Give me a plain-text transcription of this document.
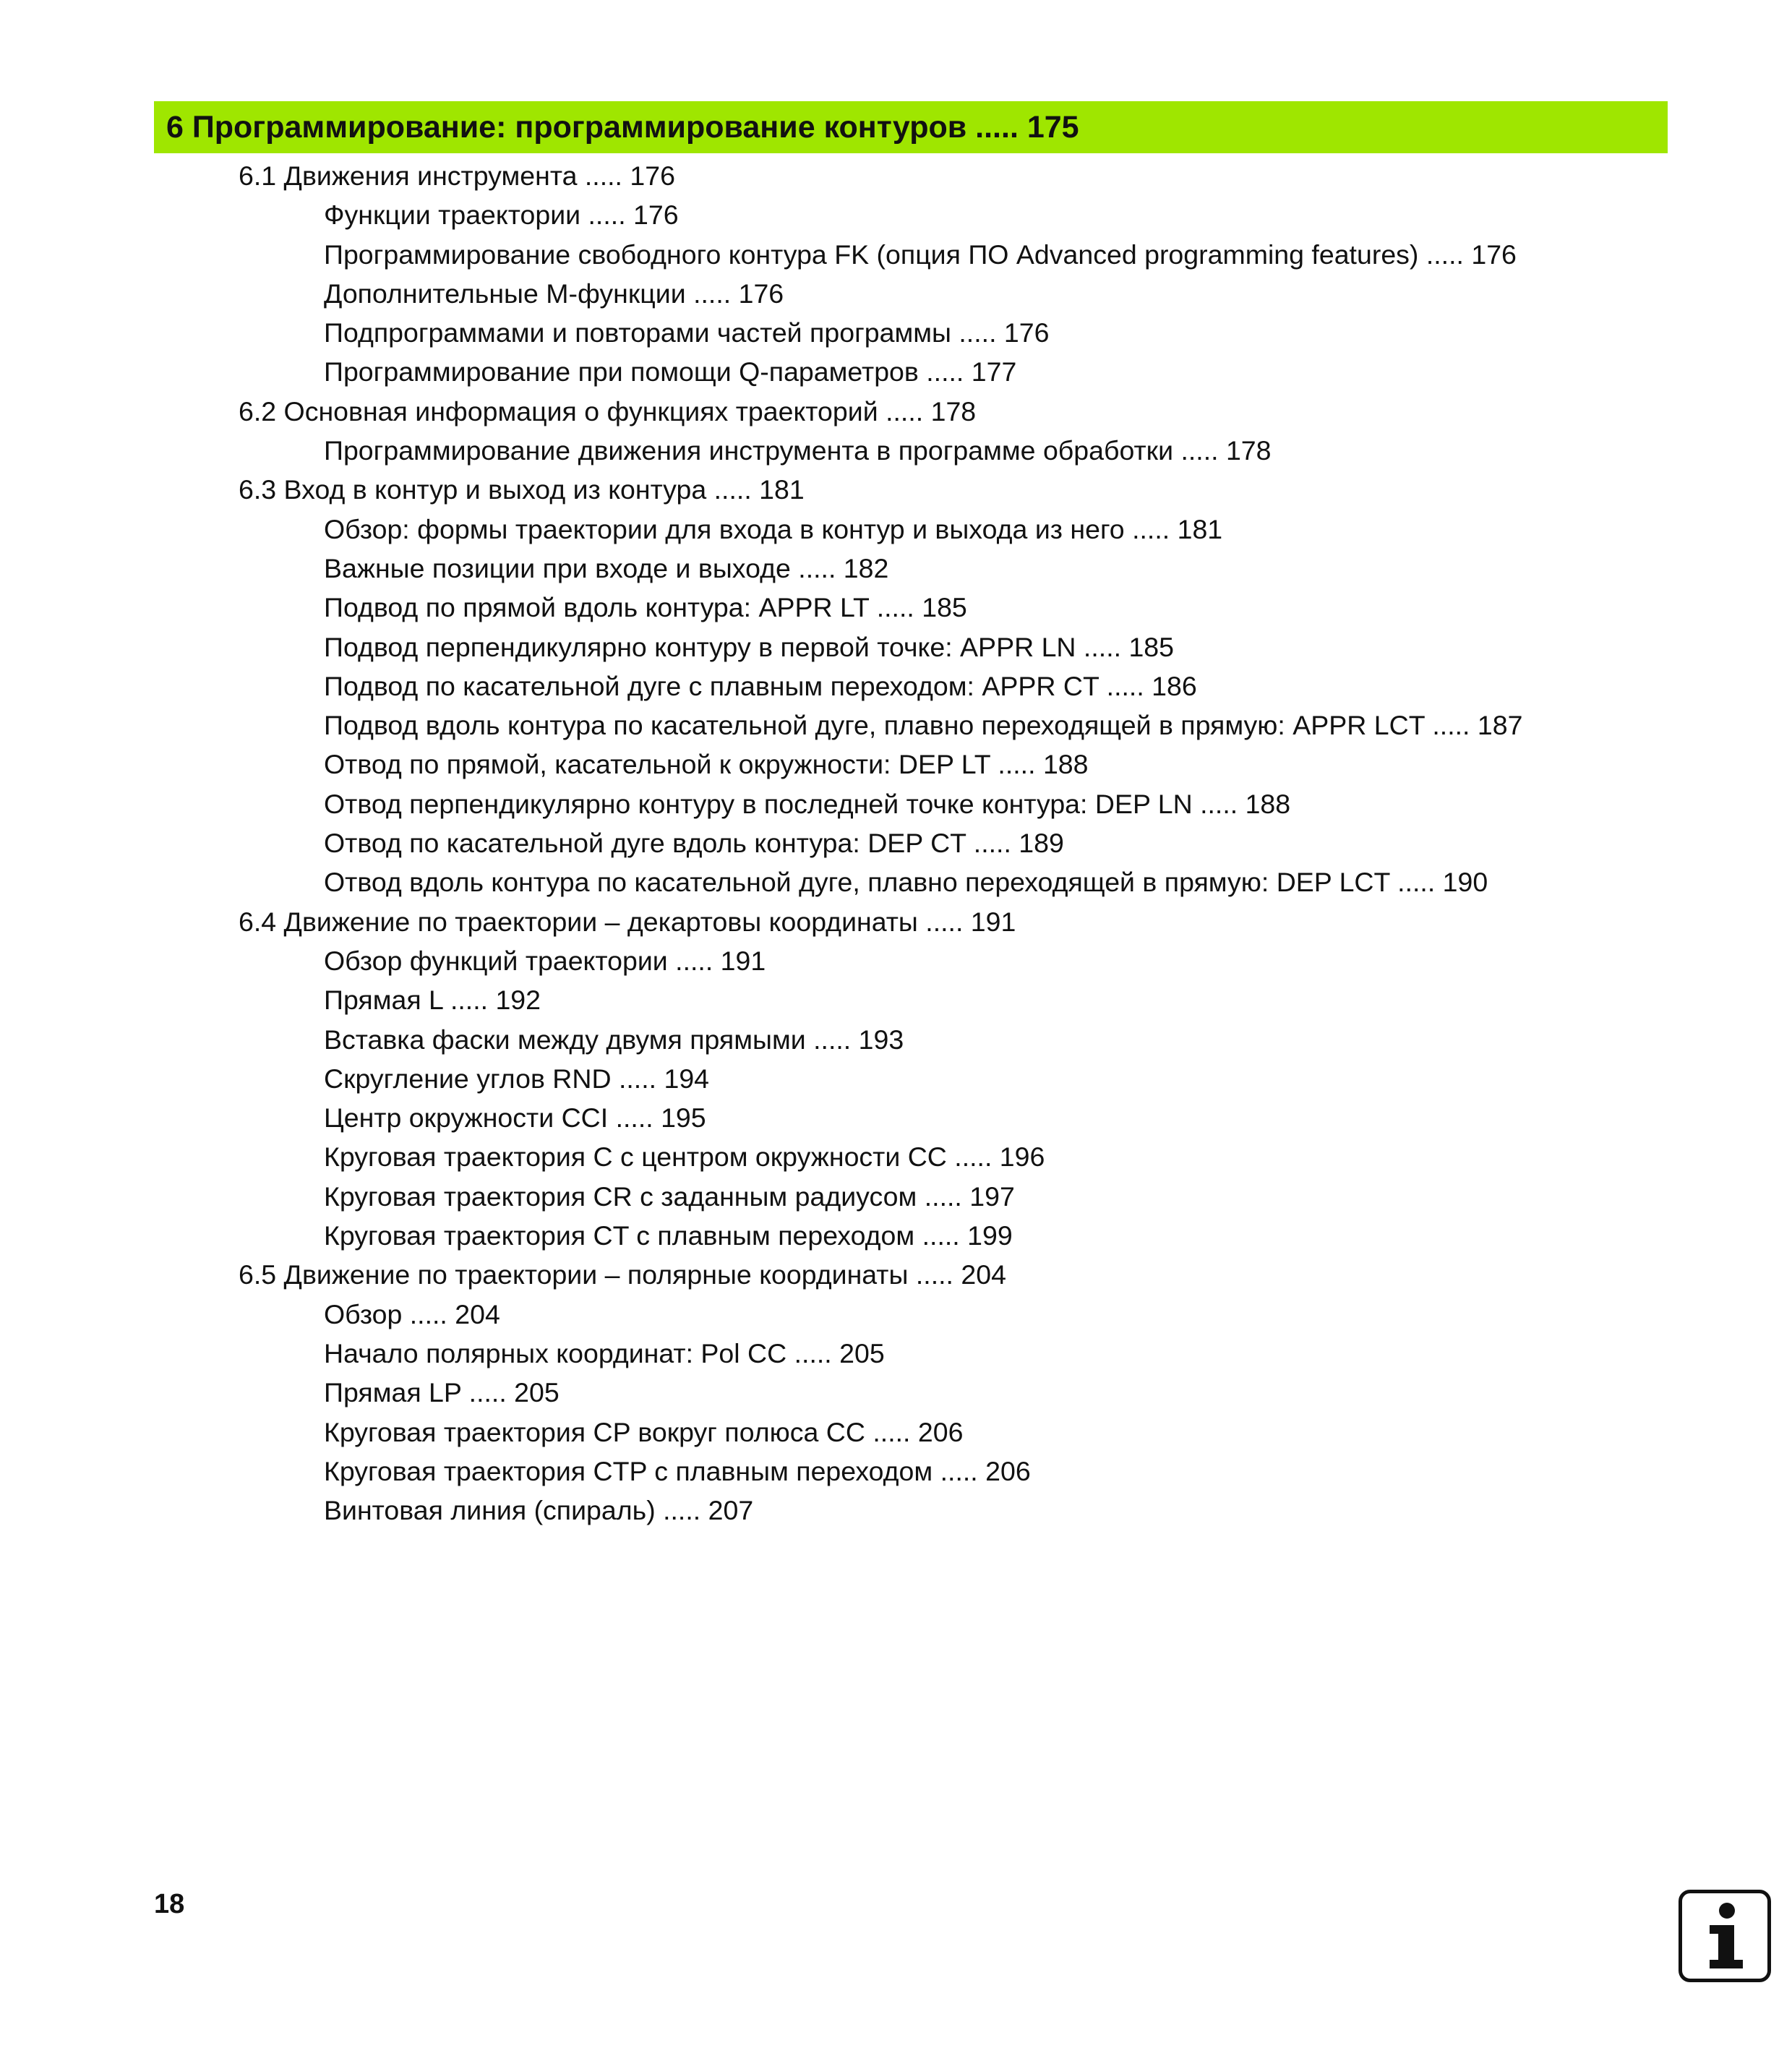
6 Программирование: программирование контуров ..... 175
6.1 Движения инструмента ..... 176
Функции траектории ..... 176
Программирование свободного контура FK (опция ПО Advanced programming features) ..... 176
Дополнительные М-функции ..... 176
Подпрограммами и повторами частей программы ..... 176
Программирование при помощи Q-параметров ..... 177
6.2 Основная информация о функциях траекторий ..... 178
Программирование движения инструмента в программе обработки ..... 178
6.3 Вход в контур и выход из контура ..... 181
Обзор: формы траектории для входа в контур и выхода из него ..... 181
Важные позиции при входе и выходе ..... 182
Подвод по прямой вдоль контура: APPR LT ..... 185
Подвод перпендикулярно контуру в первой точке: APPR LN ..... 185
Подвод по касательной дуге с плавным переходом: APPR CT ..... 186
Подвод вдоль контура по касательной дуге, плавно переходящей в прямую: APPR LCT ..... 187
Отвод по прямой, касательной к окружности: DEP LT ..... 188
Отвод перпендикулярно контуру в последней точке контура: DEP LN ..... 188
Отвод по касательной дуге вдоль контура: DEP CT ..... 189
Отвод вдоль контура по касательной дуге, плавно переходящей в прямую: DEP LCT ..... 190
6.4 Движение по траектории – декартовы координаты ..... 191
Обзор функций траектории ..... 191
Прямая L ..... 192
Вставка фаски между двумя прямыми ..... 193
Скругление углов RND ..... 194
Центр окружности CCI ..... 195
Круговая траектория C с центром окружности CC ..... 196
Круговая траектория CR с заданным радиусом ..... 197
Круговая траектория CT с плавным переходом ..... 199
6.5 Движение по траектории – полярные координаты ..... 204
Обзор ..... 204
Начало полярных координат: Pol CC ..... 205
Прямая LP ..... 205
Круговая траектория CP вокруг полюса CC ..... 206
Круговая траектория CTP с плавным переходом ..... 206
Винтовая линия (спираль) ..... 207
18
